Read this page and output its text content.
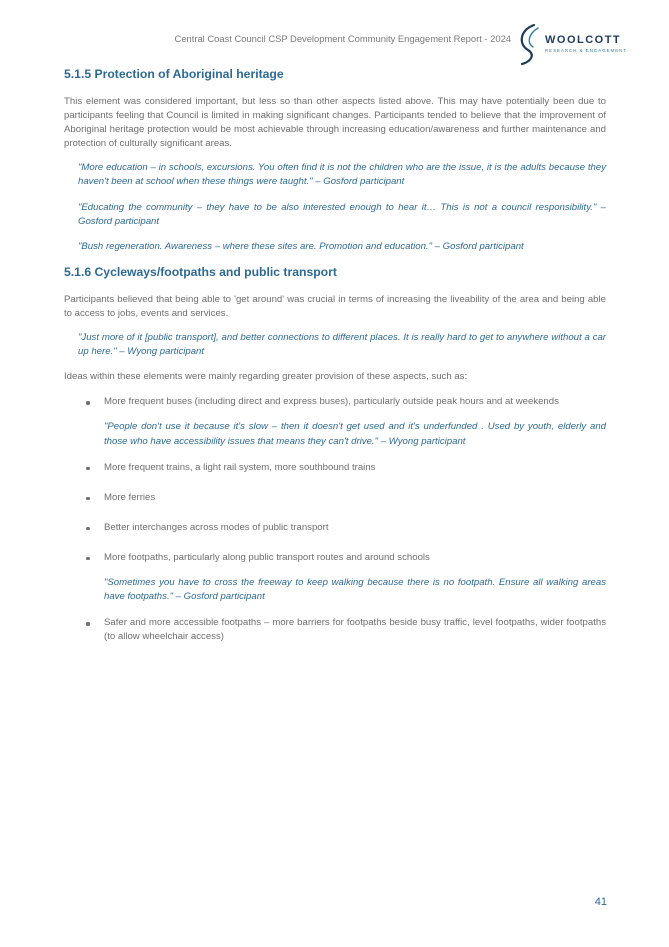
Central Coast Council CSP Development Community Engagement Report - 2024	WOOLCOTT
RESEARCH & ENGAGEMENT
5.1.5 Protection of Aboriginal heritage

This element was considered important, but less so than other aspects listed above. This may have potentially been due to participants feeling that Council is limited in making significant changes. Participants tended to believe that the improvement of Aboriginal heritage protection would be most achievable through increasing education/awareness and further maintenance and protection of culturally significant areas.

"More education – in schools, excursions. You often find it is not the children who are the issue, it is the adults because they haven't been at school when these things were taught." – Gosford participant

"Educating the community – they have to be also interested enough to hear it… This is not a council responsibility." – Gosford participant

"Bush regeneration. Awareness – where these sites are. Promotion and education." – Gosford participant

5.1.6 Cycleways/footpaths and public transport

Participants believed that being able to 'get around' was crucial in terms of increasing the liveability of the area and being able to access to jobs, events and services.

"Just more of it [public transport], and better connections to different places. It is really hard to get to anywhere without a car up here." – Wyong participant

Ideas within these elements were mainly regarding greater provision of these aspects, such as:

More frequent buses (including direct and express buses), particularly outside peak hours and at weekends

"People don't use it because it's slow – then it doesn't get used and it's underfunded . Used by youth, elderly and those who have accessibility issues that means they can't drive." – Wyong participant

More frequent trains, a light rail system, more southbound trains
More ferries
Better interchanges across modes of public transport
More footpaths, particularly along public transport routes and around schools

"Sometimes you have to cross the freeway to keep walking because there is no footpath. Ensure all walking areas have footpaths." – Gosford participant

Safer and more accessible footpaths – more barriers for footpaths beside busy traffic, level footpaths, wider footpaths (to allow wheelchair access)
41
